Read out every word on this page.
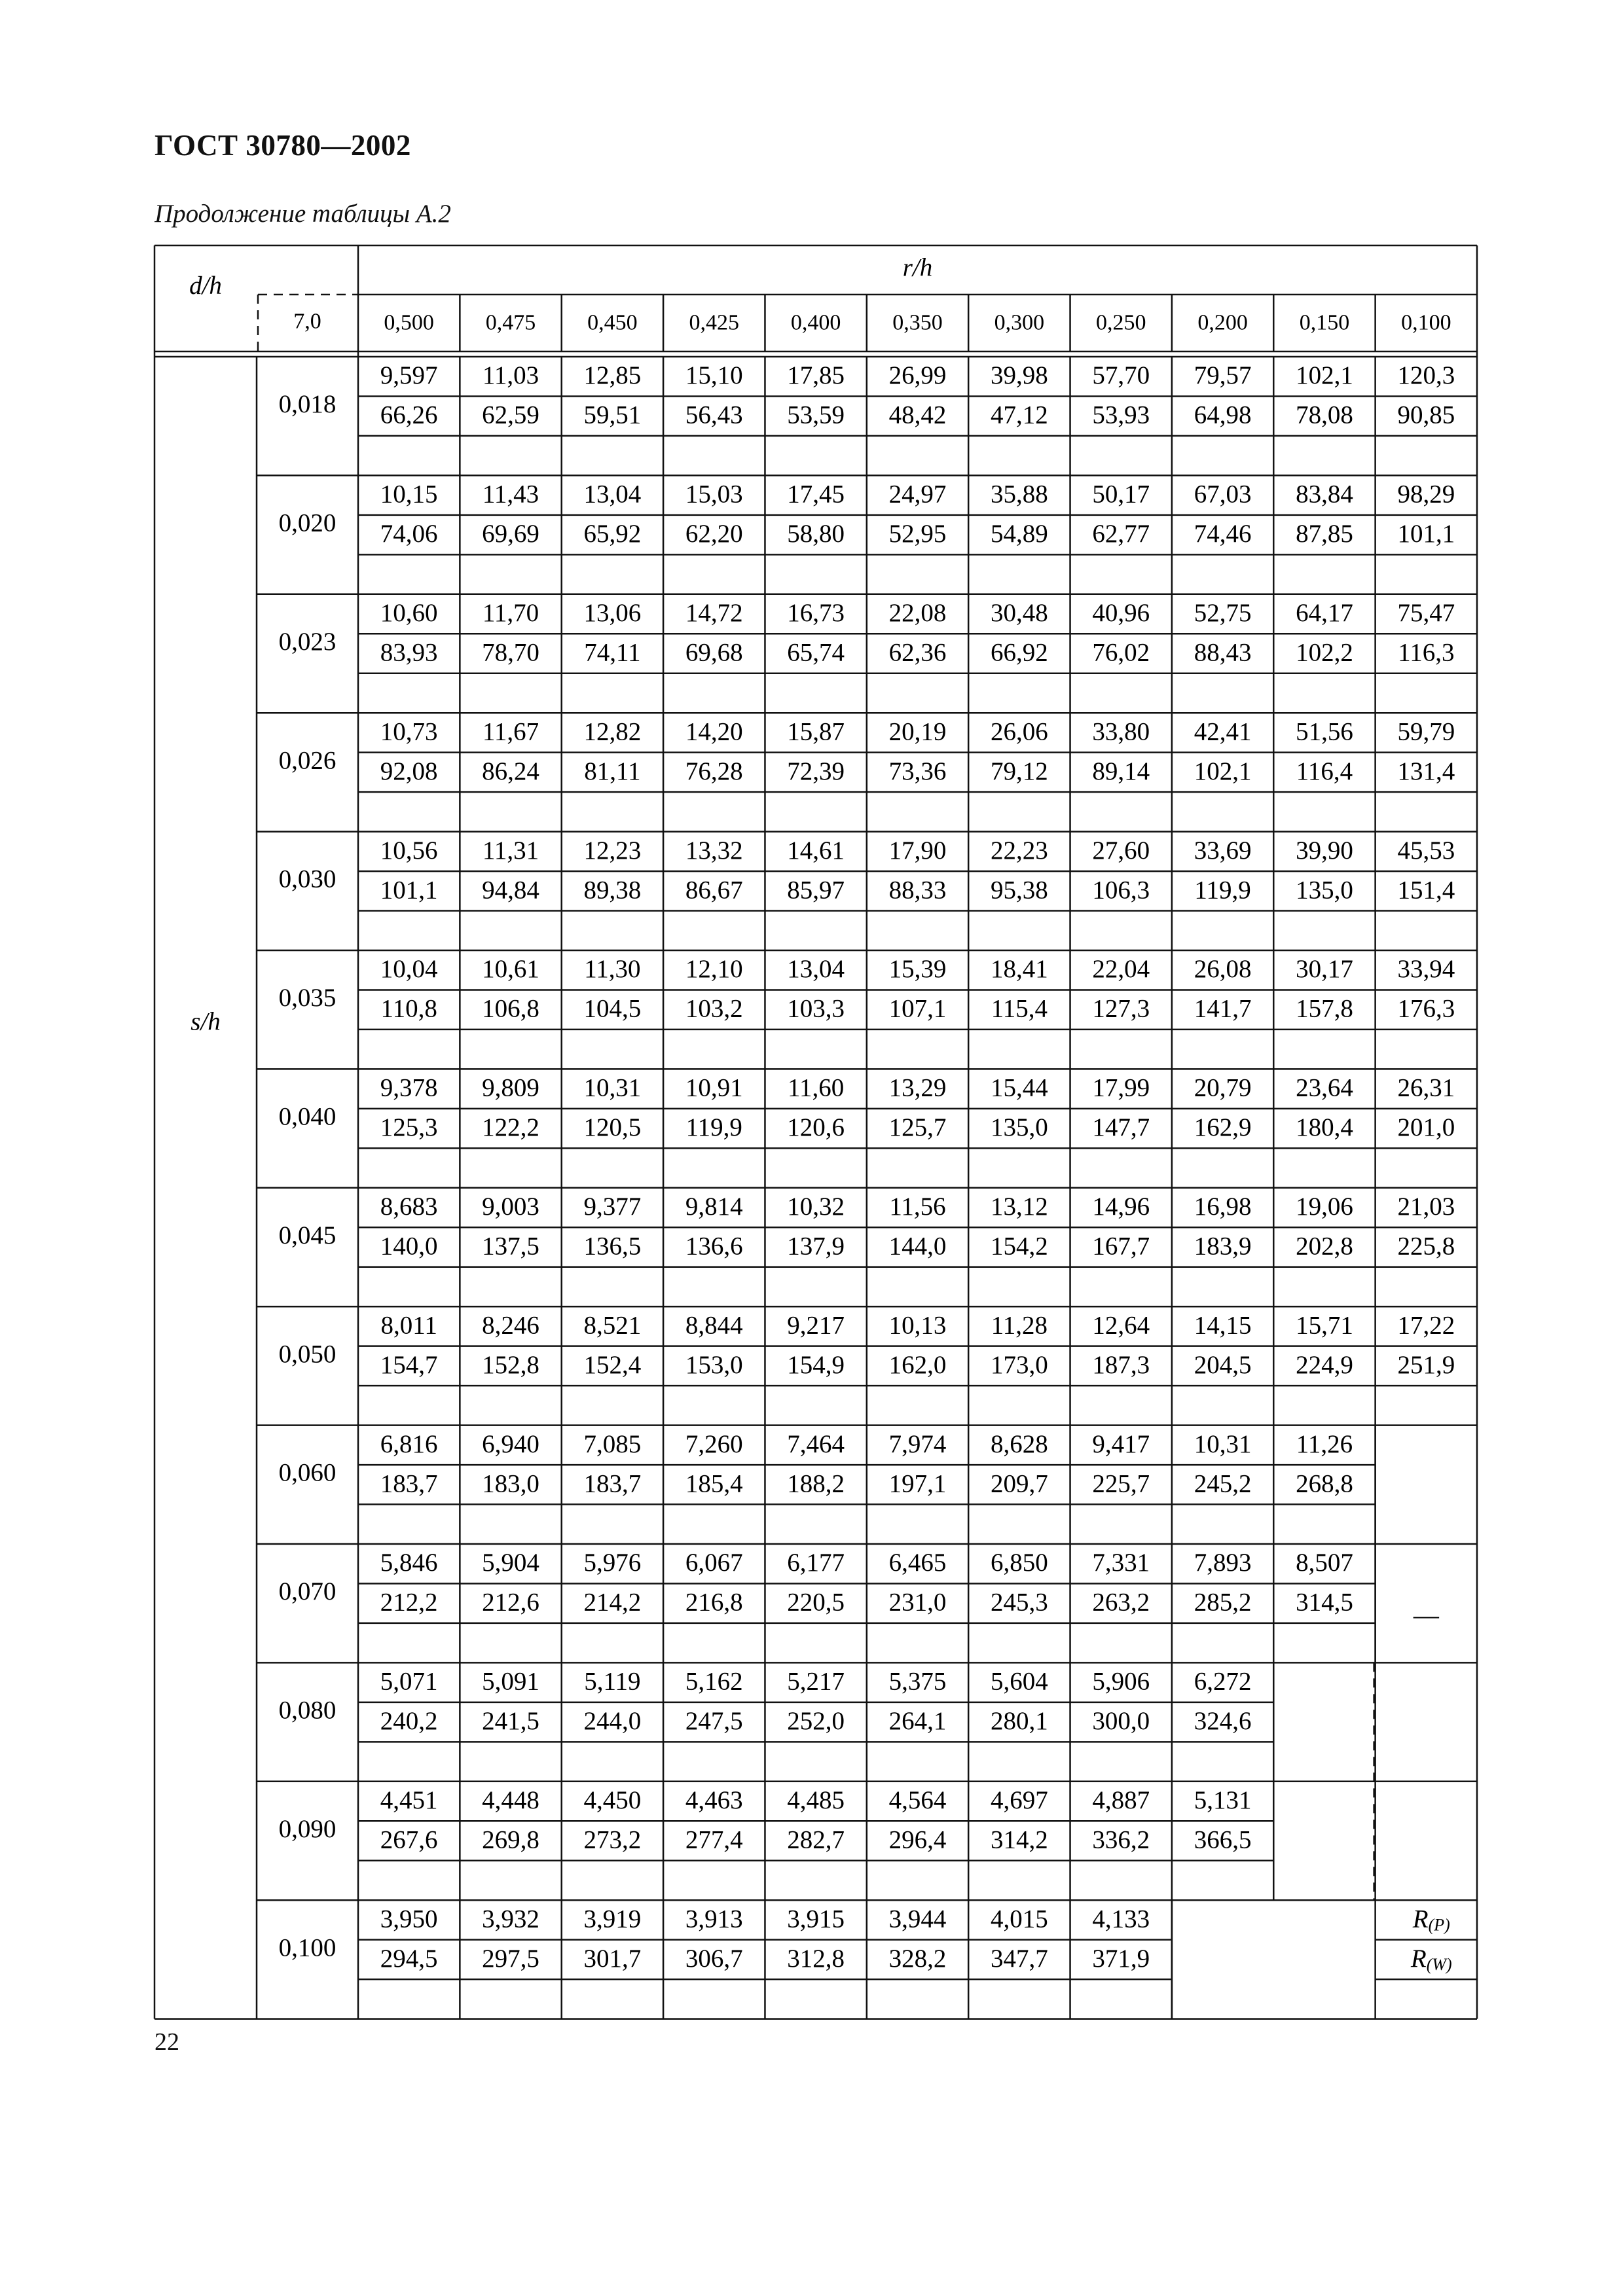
ГОСТ 30780—2002
Продолжение таблицы А.2
d/h
7,0
r/h
0,500 0,475 0,450 0,425 0,400 0,350 0,300 0,250 0,200 0,150 0,100
s/h
0,018
9,597 11,03 12,85 15,10 17,85 26,99 39,98 57,70 79,57 102,1 120,3
66,26 62,59 59,51 56,43 53,59 48,42 47,12 53,93 64,98 78,08 90,85
0,020
10,15 11,43 13,04 15,03 17,45 24,97 35,88 50,17 67,03 83,84 98,29
74,06 69,69 65,92 62,20 58,80 52,95 54,89 62,77 74,46 87,85 101,1
0,023
10,60 11,70 13,06 14,72 16,73 22,08 30,48 40,96 52,75 64,17 75,47
83,93 78,70 74,11 69,68 65,74 62,36 66,92 76,02 88,43 102,2 116,3
0,026
10,73 11,67 12,82 14,20 15,87 20,19 26,06 33,80 42,41 51,56 59,79
92,08 86,24 81,11 76,28 72,39 73,36 79,12 89,14 102,1 116,4 131,4
0,030
10,56 11,31 12,23 13,32 14,61 17,90 22,23 27,60 33,69 39,90 45,53
101,1 94,84 89,38 86,67 85,97 88,33 95,38 106,3 119,9 135,0 151,4
0,035
10,04 10,61 11,30 12,10 13,04 15,39 18,41 22,04 26,08 30,17 33,94
110,8 106,8 104,5 103,2 103,3 107,1 115,4 127,3 141,7 157,8 176,3
0,040
9,378 9,809 10,31 10,91 11,60 13,29 15,44 17,99 20,79 23,64 26,31
125,3 122,2 120,5 119,9 120,6 125,7 135,0 147,7 162,9 180,4 201,0
0,045
8,683 9,003 9,377 9,814 10,32 11,56 13,12 14,96 16,98 19,06 21,03
140,0 137,5 136,5 136,6 137,9 144,0 154,2 167,7 183,9 202,8 225,8
0,050
8,011 8,246 8,521 8,844 9,217 10,13 11,28 12,64 14,15 15,71 17,22
154,7 152,8 152,4 153,0 154,9 162,0 173,0 187,3 204,5 224,9 251,9
0,060
6,816 6,940 7,085 7,260 7,464 7,974 8,628 9,417 10,31 11,26
183,7 183,0 183,7 185,4 188,2 197,1 209,7 225,7 245,2 268,8
0,070
5,846 5,904 5,976 6,067 6,177 6,465 6,850 7,331 7,893 8,507
212,2 212,6 214,2 216,8 220,5 231,0 245,3 263,2 285,2 314,5
0,080
5,071 5,091 5,119 5,162 5,217 5,375 5,604 5,906 6,272
240,2 241,5 244,0 247,5 252,0 264,1 280,1 300,0 324,6
0,090
4,451 4,448 4,450 4,463 4,485 4,564 4,697 4,887 5,131
267,6 269,8 273,2 277,4 282,7 296,4 314,2 336,2 366,5
0,100
3,950 3,932 3,919 3,913 3,915 3,944 4,015 4,133
294,5 297,5 301,7 306,7 312,8 328,2 347,7 371,9
—
$R_{(P)}$
$R_{(W)}$
22
